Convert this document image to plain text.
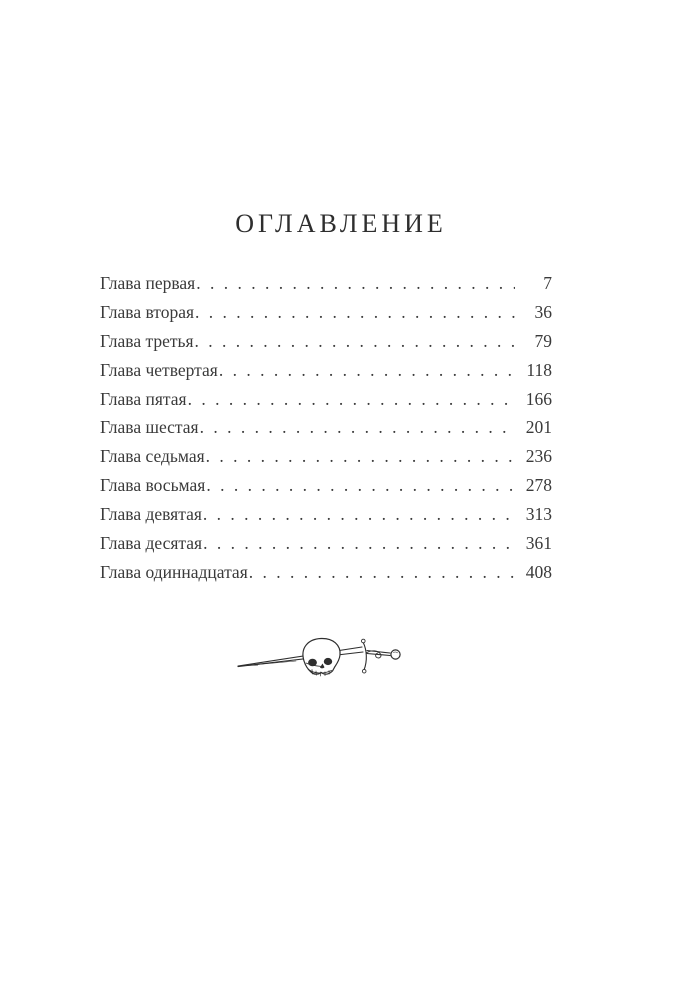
ОГЛАВЛЕНИЕ
Глава первая . . .	7
Глава вторая . . .	36
Глава третья . . .	79
Глава четвертая . . .	118
Глава пятая . . .	166
Глава шестая . . .	201
Глава седьмая . . .	236
Глава восьмая . . .	278
Глава девятая . . .	313
Глава десятая . . .	361
Глава одиннадцатая . . .	408
